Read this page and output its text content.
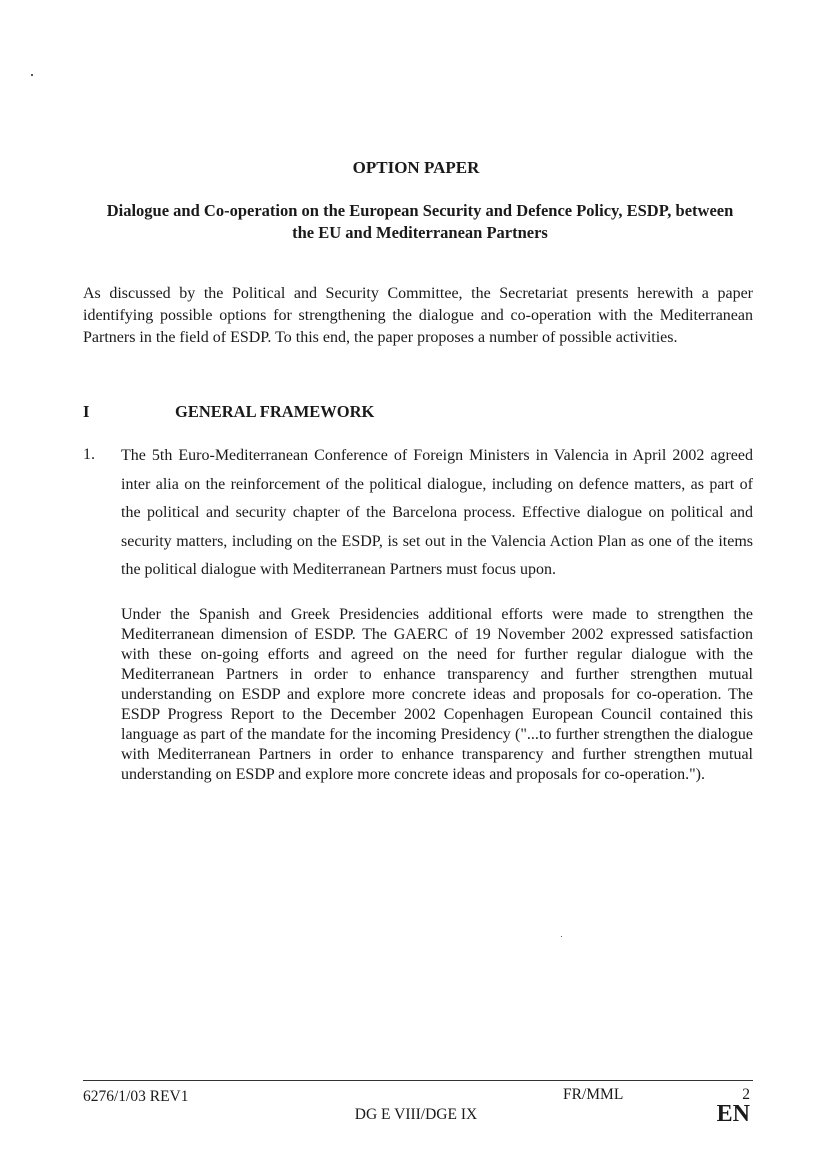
OPTION PAPER
Dialogue and Co-operation on the European Security and Defence Policy, ESDP, between the EU and Mediterranean Partners

As discussed by the Political and Security Committee, the Secretariat presents herewith a paper identifying possible options for strengthening the dialogue and co-operation with the Mediterranean Partners in the field of ESDP. To this end, the paper proposes a number of possible activities.

I	GENERAL FRAMEWORK
1. The 5th Euro-Mediterranean Conference of Foreign Ministers in Valencia in April 2002 agreed inter alia on the reinforcement of the political dialogue, including on defence matters, as part of the political and security chapter of the Barcelona process. Effective dialogue on political and security matters, including on the ESDP, is set out in the Valencia Action Plan as one of the items the political dialogue with Mediterranean Partners must focus upon.

Under the Spanish and Greek Presidencies additional efforts were made to strengthen the Mediterranean dimension of ESDP. The GAERC of 19 November 2002 expressed satisfaction with these on-going efforts and agreed on the need for further regular dialogue with the Mediterranean Partners in order to enhance transparency and further strengthen mutual understanding on ESDP and explore more concrete ideas and proposals for co-operation. The ESDP Progress Report to the December 2002 Copenhagen European Council contained this language as part of the mandate for the incoming Presidency ("...to further strengthen the dialogue with Mediterranean Partners in order to enhance transparency and further strengthen mutual understanding on ESDP and explore more concrete ideas and proposals for co-operation.").

6276/1/03 REV1	FR/MML	2
DG E VIII/DGE IX	EN
